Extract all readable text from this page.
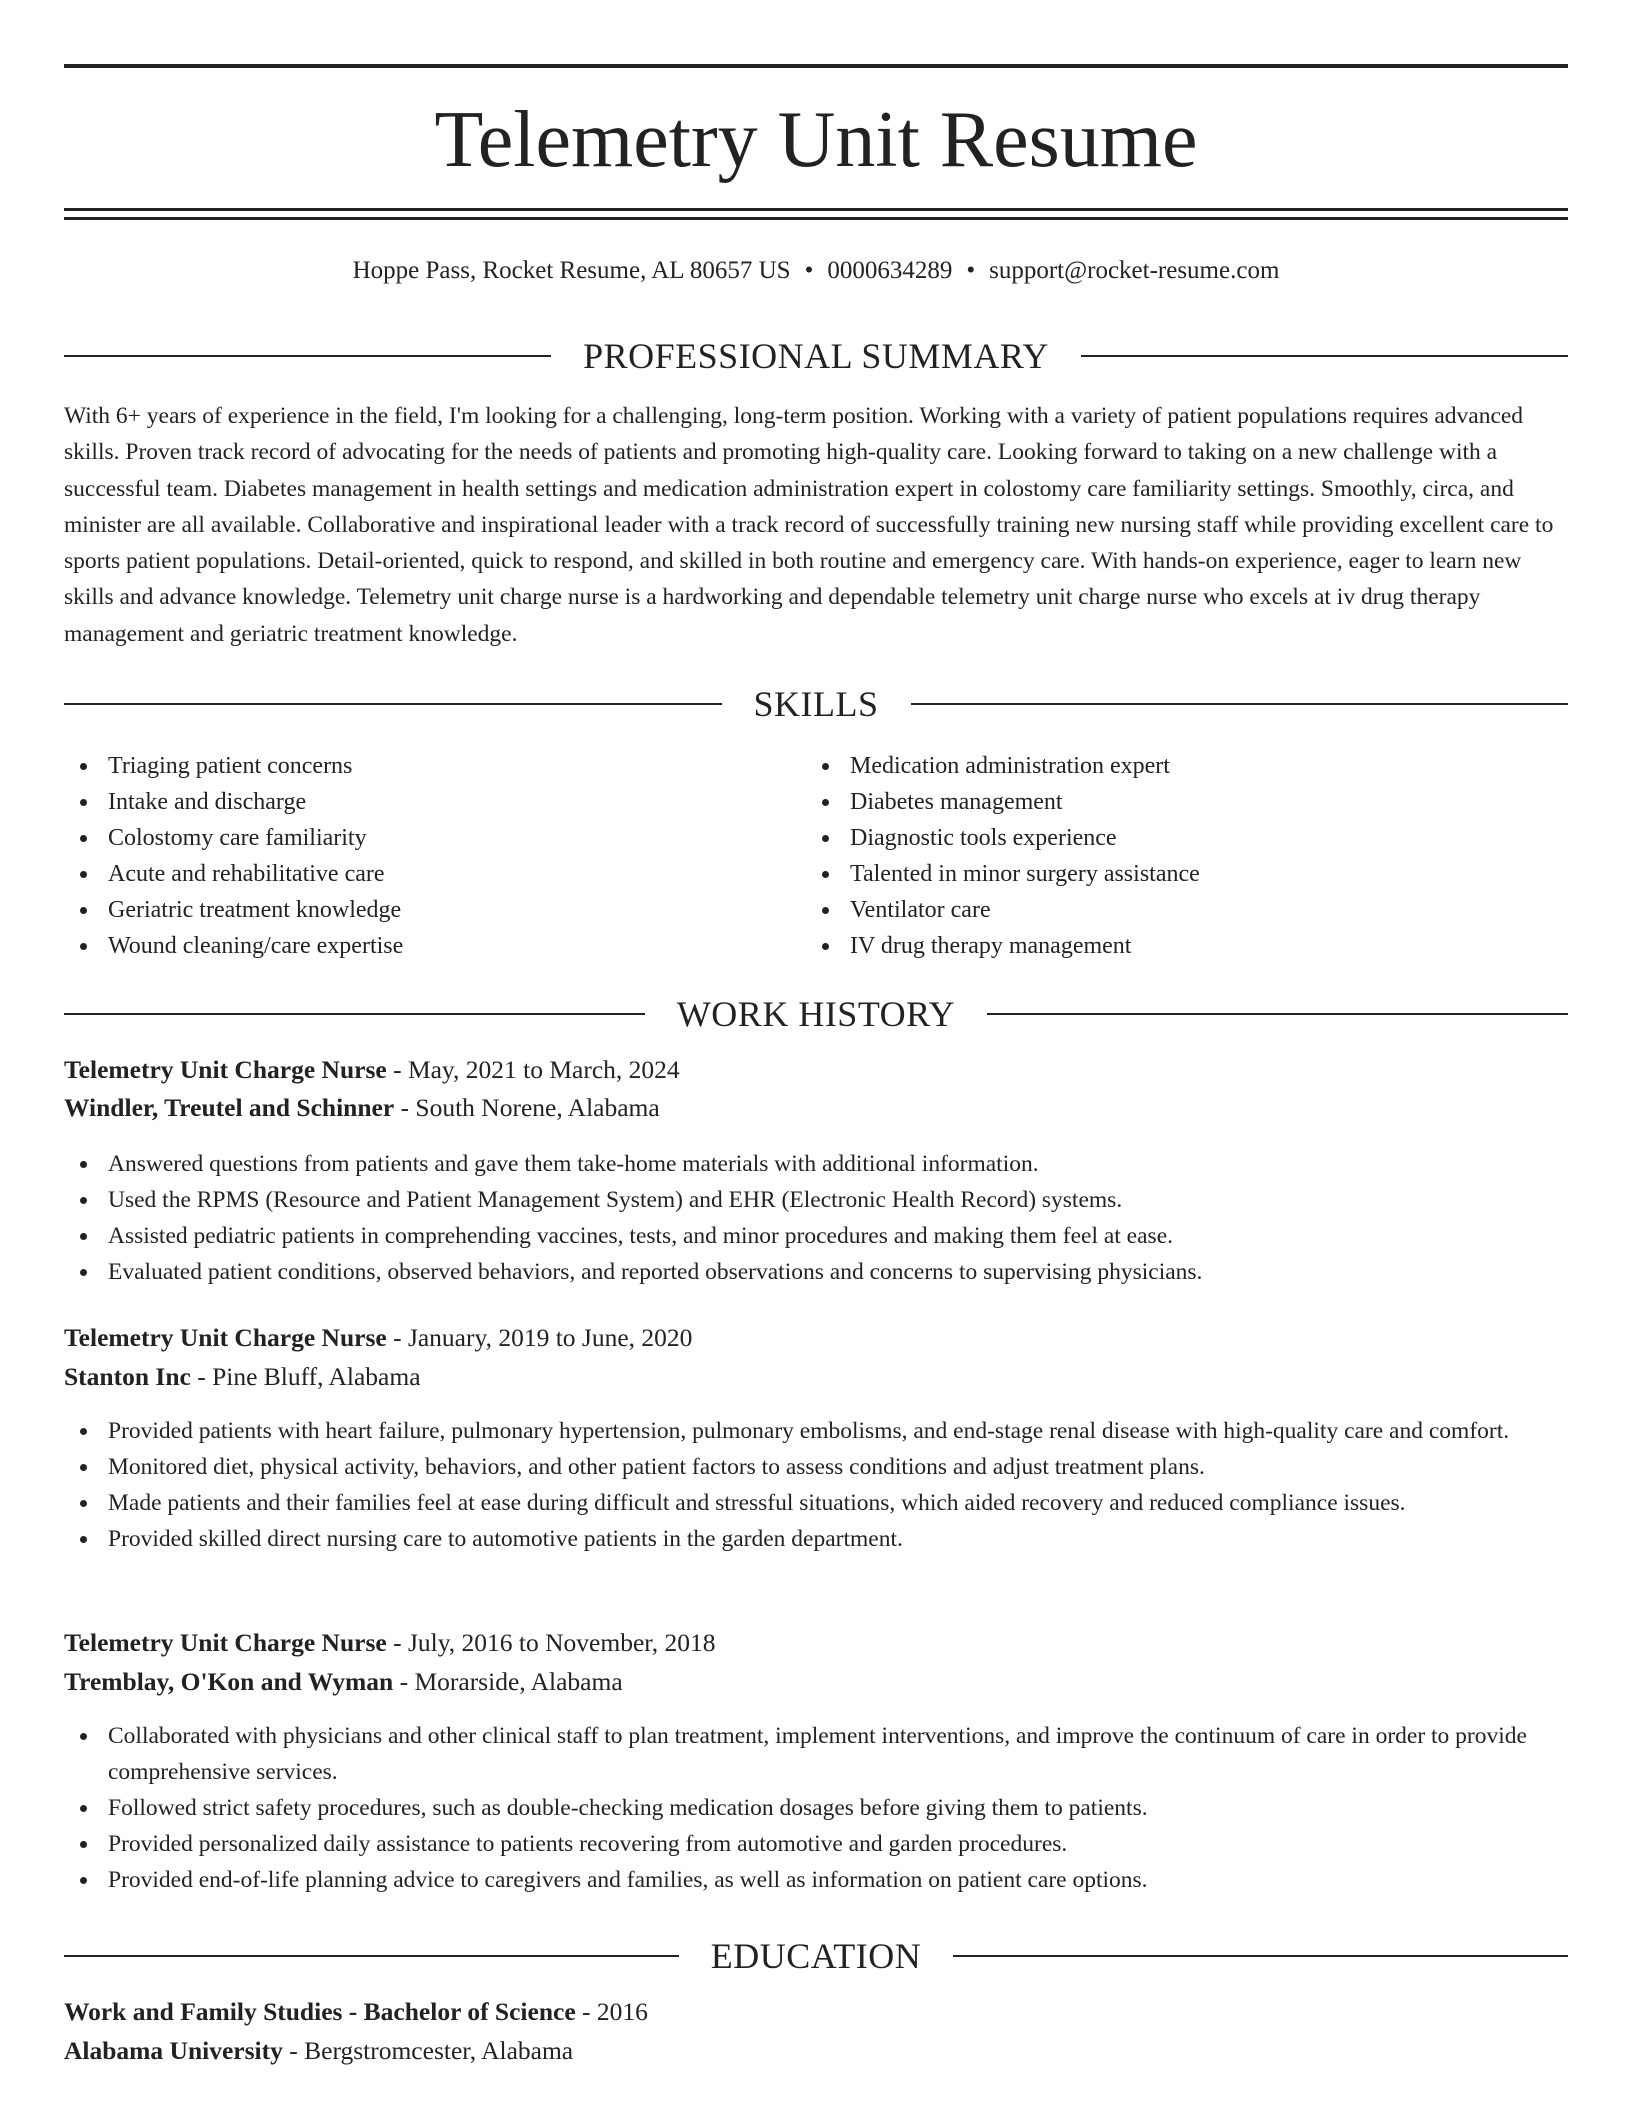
Telemetry Unit Resume
Hoppe Pass, Rocket Resume, AL 80657 US • 0000634289 • support@rocket-resume.com
PROFESSIONAL SUMMARY

With 6+ years of experience in the field, I'm looking for a challenging, long-term position. Working with a variety of patient populations requires advanced skills. Proven track record of advocating for the needs of patients and promoting high-quality care. Looking forward to taking on a new challenge with a successful team. Diabetes management in health settings and medication administration expert in colostomy care familiarity settings. Smoothly, circa, and minister are all available. Collaborative and inspirational leader with a track record of successfully training new nursing staff while providing excellent care to sports patient populations. Detail-oriented, quick to respond, and skilled in both routine and emergency care. With hands-on experience, eager to learn new skills and advance knowledge. Telemetry unit charge nurse is a hardworking and dependable telemetry unit charge nurse who excels at iv drug therapy management and geriatric treatment knowledge.

SKILLS
Triaging patient concerns
Intake and discharge
Colostomy care familiarity
Acute and rehabilitative care
Geriatric treatment knowledge
Wound cleaning/care expertise
Medication administration expert
Diabetes management
Diagnostic tools experience
Talented in minor surgery assistance
Ventilator care
IV drug therapy management
WORK HISTORY
Telemetry Unit Charge Nurse - May, 2021 to March, 2024
Windler, Treutel and Schinner - South Norene, Alabama
Answered questions from patients and gave them take-home materials with additional information.
Used the RPMS (Resource and Patient Management System) and EHR (Electronic Health Record) systems.
Assisted pediatric patients in comprehending vaccines, tests, and minor procedures and making them feel at ease.
Evaluated patient conditions, observed behaviors, and reported observations and concerns to supervising physicians.
Telemetry Unit Charge Nurse - January, 2019 to June, 2020
Stanton Inc - Pine Bluff, Alabama
Provided patients with heart failure, pulmonary hypertension, pulmonary embolisms, and end-stage renal disease with high-quality care and comfort.
Monitored diet, physical activity, behaviors, and other patient factors to assess conditions and adjust treatment plans.
Made patients and their families feel at ease during difficult and stressful situations, which aided recovery and reduced compliance issues.
Provided skilled direct nursing care to automotive patients in the garden department.
Telemetry Unit Charge Nurse - July, 2016 to November, 2018
Tremblay, O'Kon and Wyman - Morarside, Alabama
Collaborated with physicians and other clinical staff to plan treatment, implement interventions, and improve the continuum of care in order to provide comprehensive services.
Followed strict safety procedures, such as double-checking medication dosages before giving them to patients.
Provided personalized daily assistance to patients recovering from automotive and garden procedures.
Provided end-of-life planning advice to caregivers and families, as well as information on patient care options.
EDUCATION
Work and Family Studies - Bachelor of Science - 2016
Alabama University - Bergstromcester, Alabama
